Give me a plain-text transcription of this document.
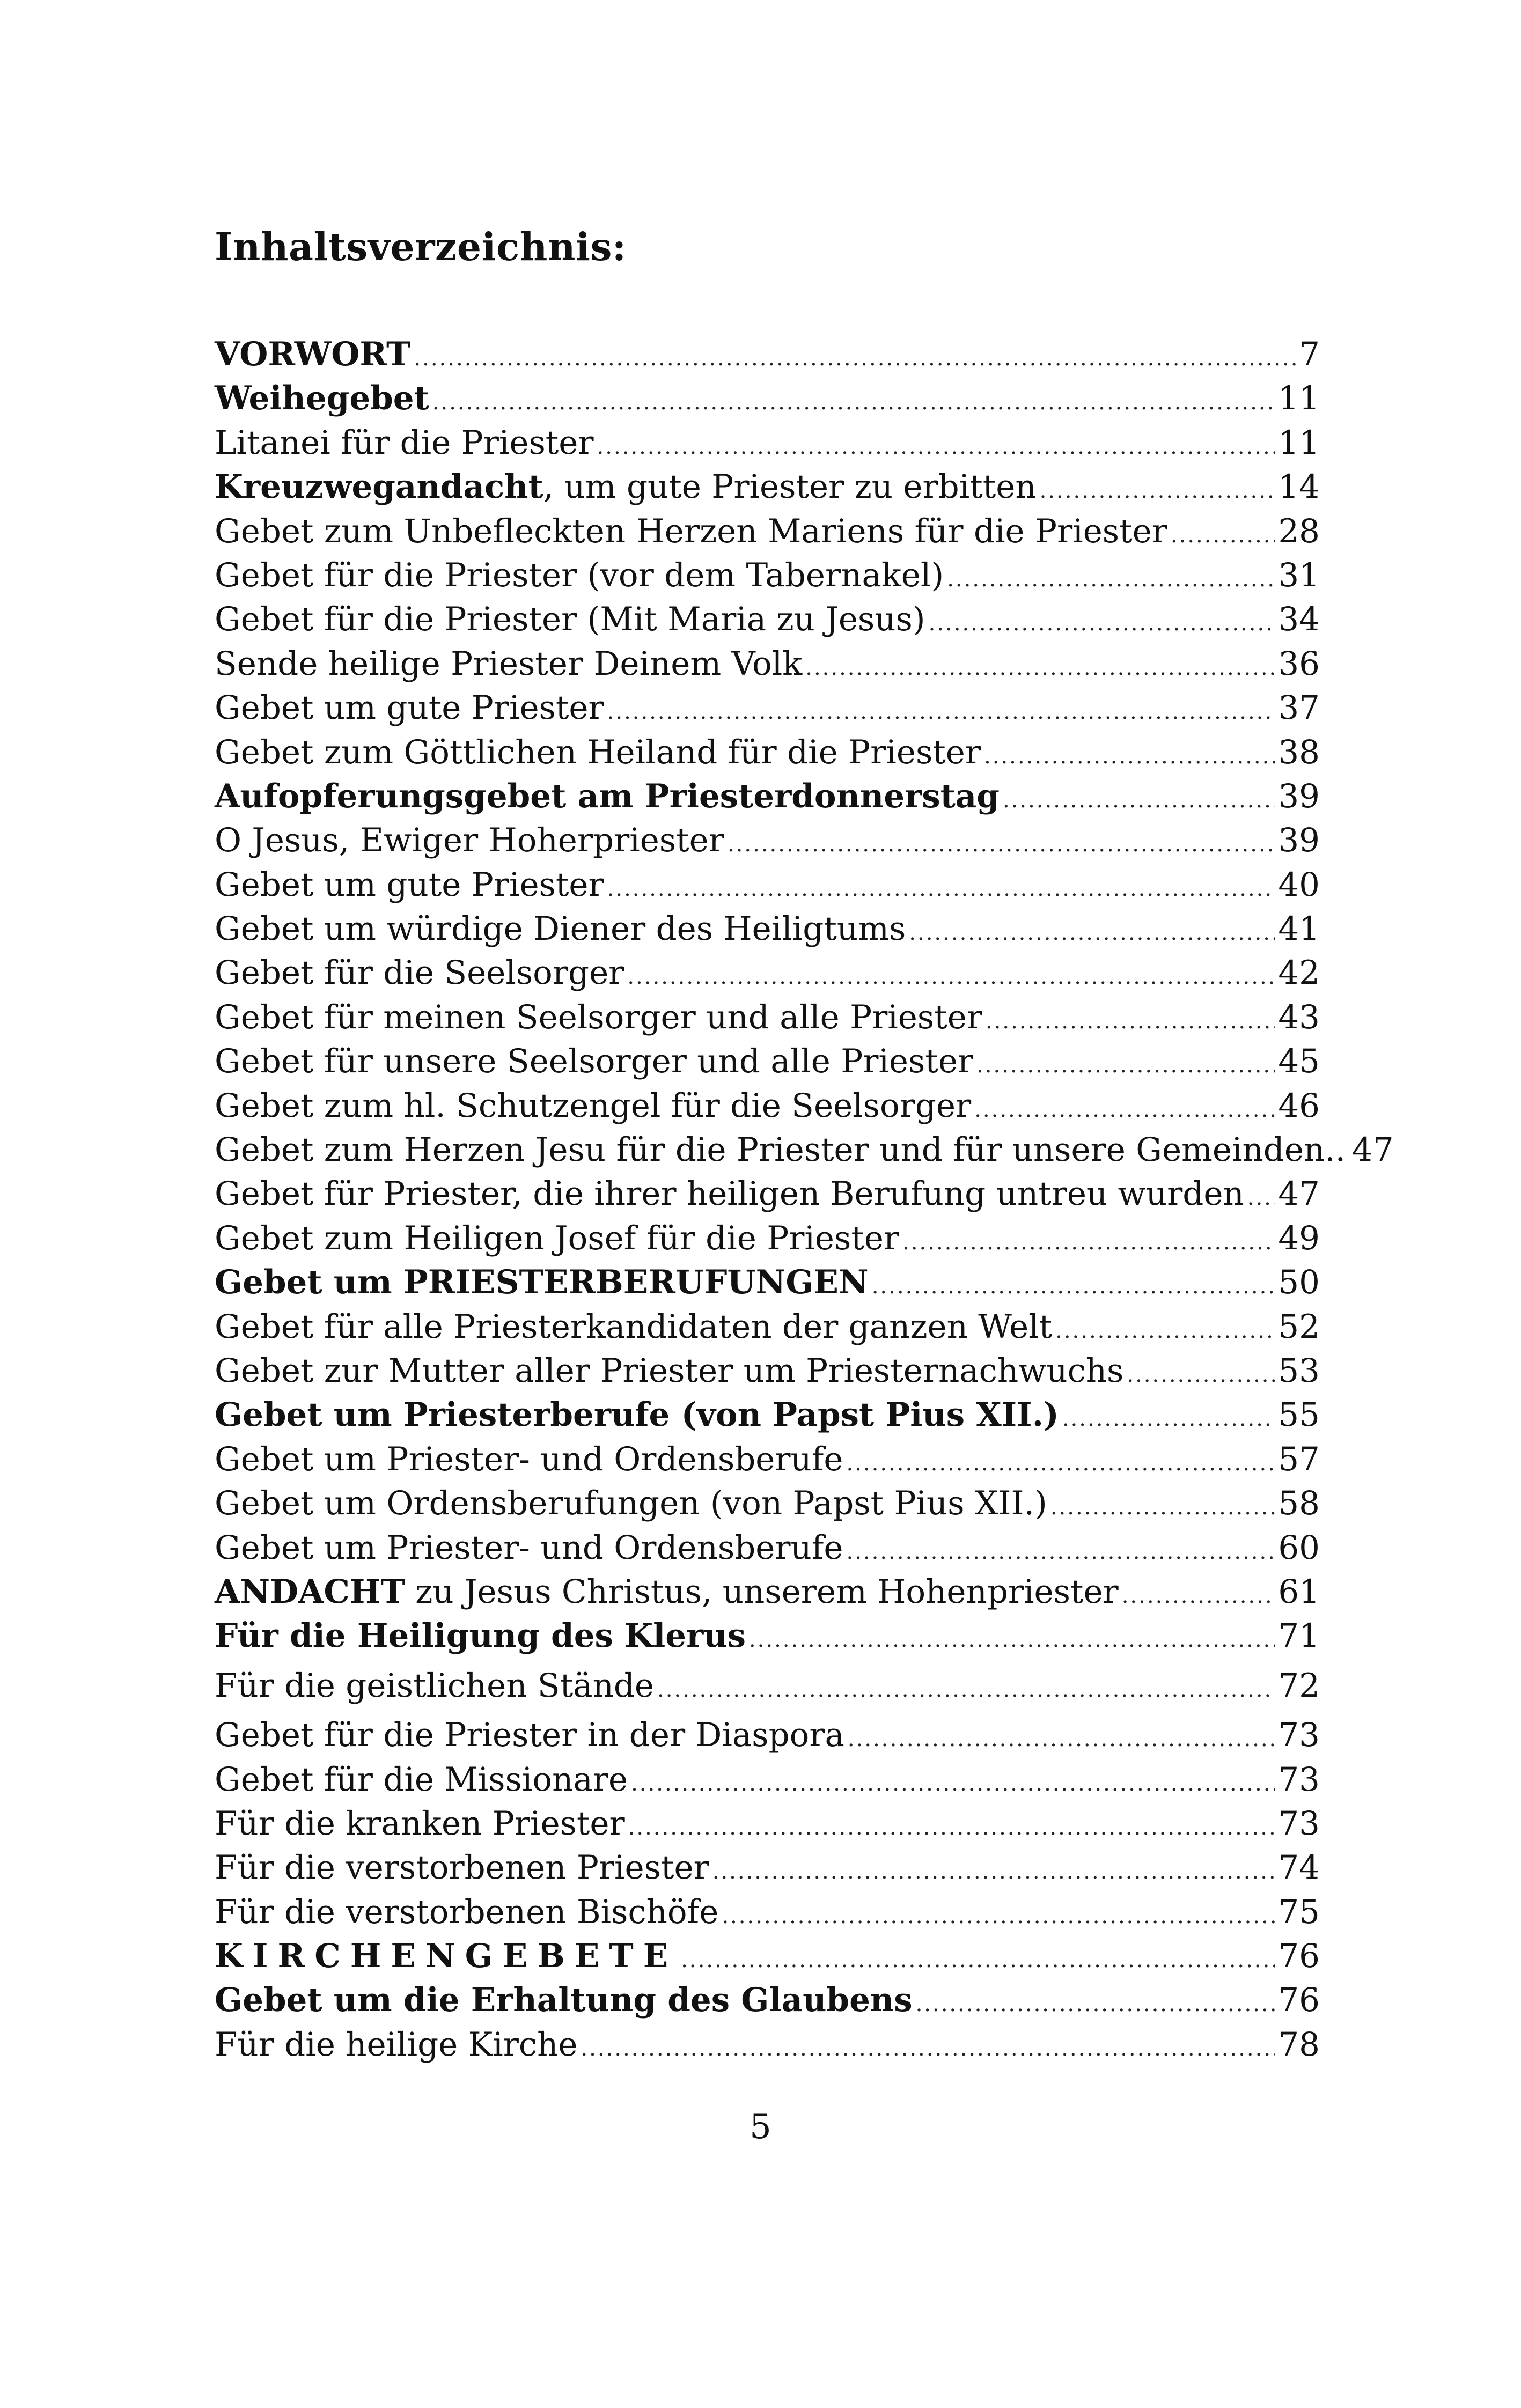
Inhaltsverzeichnis:
VORWORT .....	7
Weihegebet .....	11
Litanei für die Priester .....	11
Kreuzwegandacht, um gute Priester zu erbitten .....	14
Gebet zum Unbefleckten Herzen Mariens für die Priester .....	28
Gebet für die Priester (vor dem Tabernakel) .....	31
Gebet für die Priester (Mit Maria zu Jesus) .....	34
Sende heilige Priester Deinem Volk .....	36
Gebet um gute Priester .....	37
Gebet zum Göttlichen Heiland für die Priester .....	38
Aufopferungsgebet am Priesterdonnerstag .....	39
O Jesus, Ewiger Hoherpriester .....	39
Gebet um gute Priester .....	40
Gebet um würdige Diener des Heiligtums .....	41
Gebet für die Seelsorger .....	42
Gebet für meinen Seelsorger und alle Priester .....	43
Gebet für unsere Seelsorger und alle Priester .....	45
Gebet zum hl. Schutzengel für die Seelsorger .....	46
Gebet zum Herzen Jesu für die Priester und für unsere Gemeinden.. 47
Gebet für Priester, die ihrer heiligen Berufung untreu wurden ..... 47
Gebet zum Heiligen Josef für die Priester .....	49
Gebet um PRIESTERBERUFUNGEN .....	50
Gebet für alle Priesterkandidaten der ganzen Welt .....	52
Gebet zur Mutter aller Priester um Priesternachwuchs .....	53
Gebet um Priesterberufe (von Papst Pius XII.) .....	55
Gebet um Priester- und Ordensberufe .....	57
Gebet um Ordensberufungen (von Papst Pius XII.) .....	58
Gebet um Priester- und Ordensberufe .....	60
ANDACHT zu Jesus Christus, unserem Hohenpriester .....	61
Für die Heiligung des Klerus .....	71
Für die geistlichen Stände .....	72
Gebet für die Priester in der Diaspora .....	73
Gebet für die Missionare .....	73
Für die kranken Priester .....	73
Für die verstorbenen Priester .....	74
Für die verstorbenen Bischöfe .....	75
KIRCHENGEBETE .....	76
Gebet um die Erhaltung des Glaubens .....	76
Für die heilige Kirche .....	78
5
